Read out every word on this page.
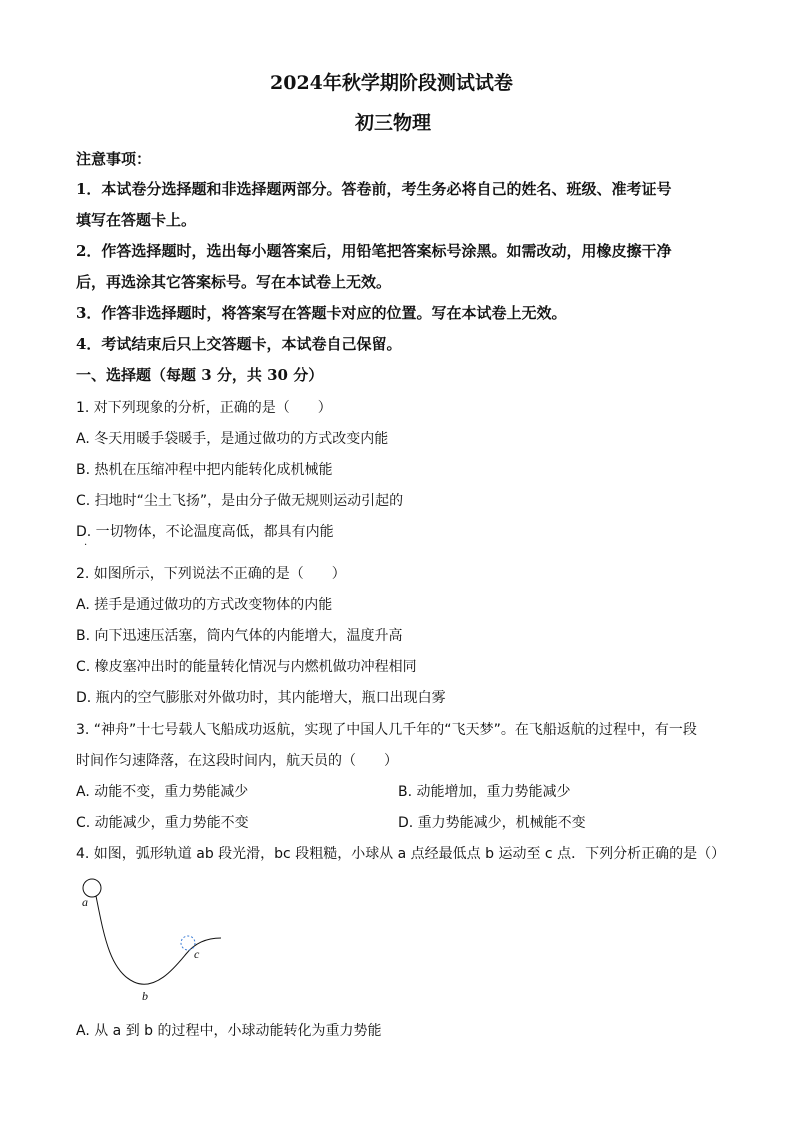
2024年秋学期阶段测试试卷
初三物理
注意事项：
1．本试卷分选择题和非选择题两部分。答卷前，考生务必将自己的姓名、班级、准考证号
填写在答题卡上。
2．作答选择题时，选出每小题答案后，用铅笔把答案标号涂黑。如需改动，用橡皮擦干净
后，再选涂其它答案标号。写在本试卷上无效。
3．作答非选择题时，将答案写在答题卡对应的位置。写在本试卷上无效。
4．考试结束后只上交答题卡，本试卷自己保留。
一、选择题（每题 3 分，共 30 分）
1. 对下列现象的分析，正确的是（　　）
A. 冬天用暖手袋暖手，是通过做功的方式改变内能
B. 热机在压缩冲程中把内能转化成机械能
C. 扫地时“尘土飞扬”，是由分子做无规则运动引起的
D. 一切物体，不论温度高低，都具有内能
.
2. 如图所示，下列说法不正确的是（　　）
A. 搓手是通过做功的方式改变物体的内能
B. 向下迅速压活塞，筒内气体的内能增大，温度升高
C. 橡皮塞冲出时的能量转化情况与内燃机做功冲程相同
D. 瓶内的空气膨胀对外做功时，其内能增大，瓶口出现白雾
3. “神舟”十七号载人飞船成功返航，实现了中国人几千年的“飞天梦”。在飞船返航的过程中，有一段
时间作匀速降落，在这段时间内，航天员的（　　）
A. 动能不变，重力势能减少	B. 动能增加，重力势能减少
C. 动能减少，重力势能不变	D. 重力势能减少，机械能不变
4. 如图，弧形轨道 ab 段光滑，bc 段粗糙，小球从 a 点经最低点 b 运动至 c 点．下列分析正确的是（）
a
b
c
A. 从 a 到 b 的过程中，小球动能转化为重力势能
